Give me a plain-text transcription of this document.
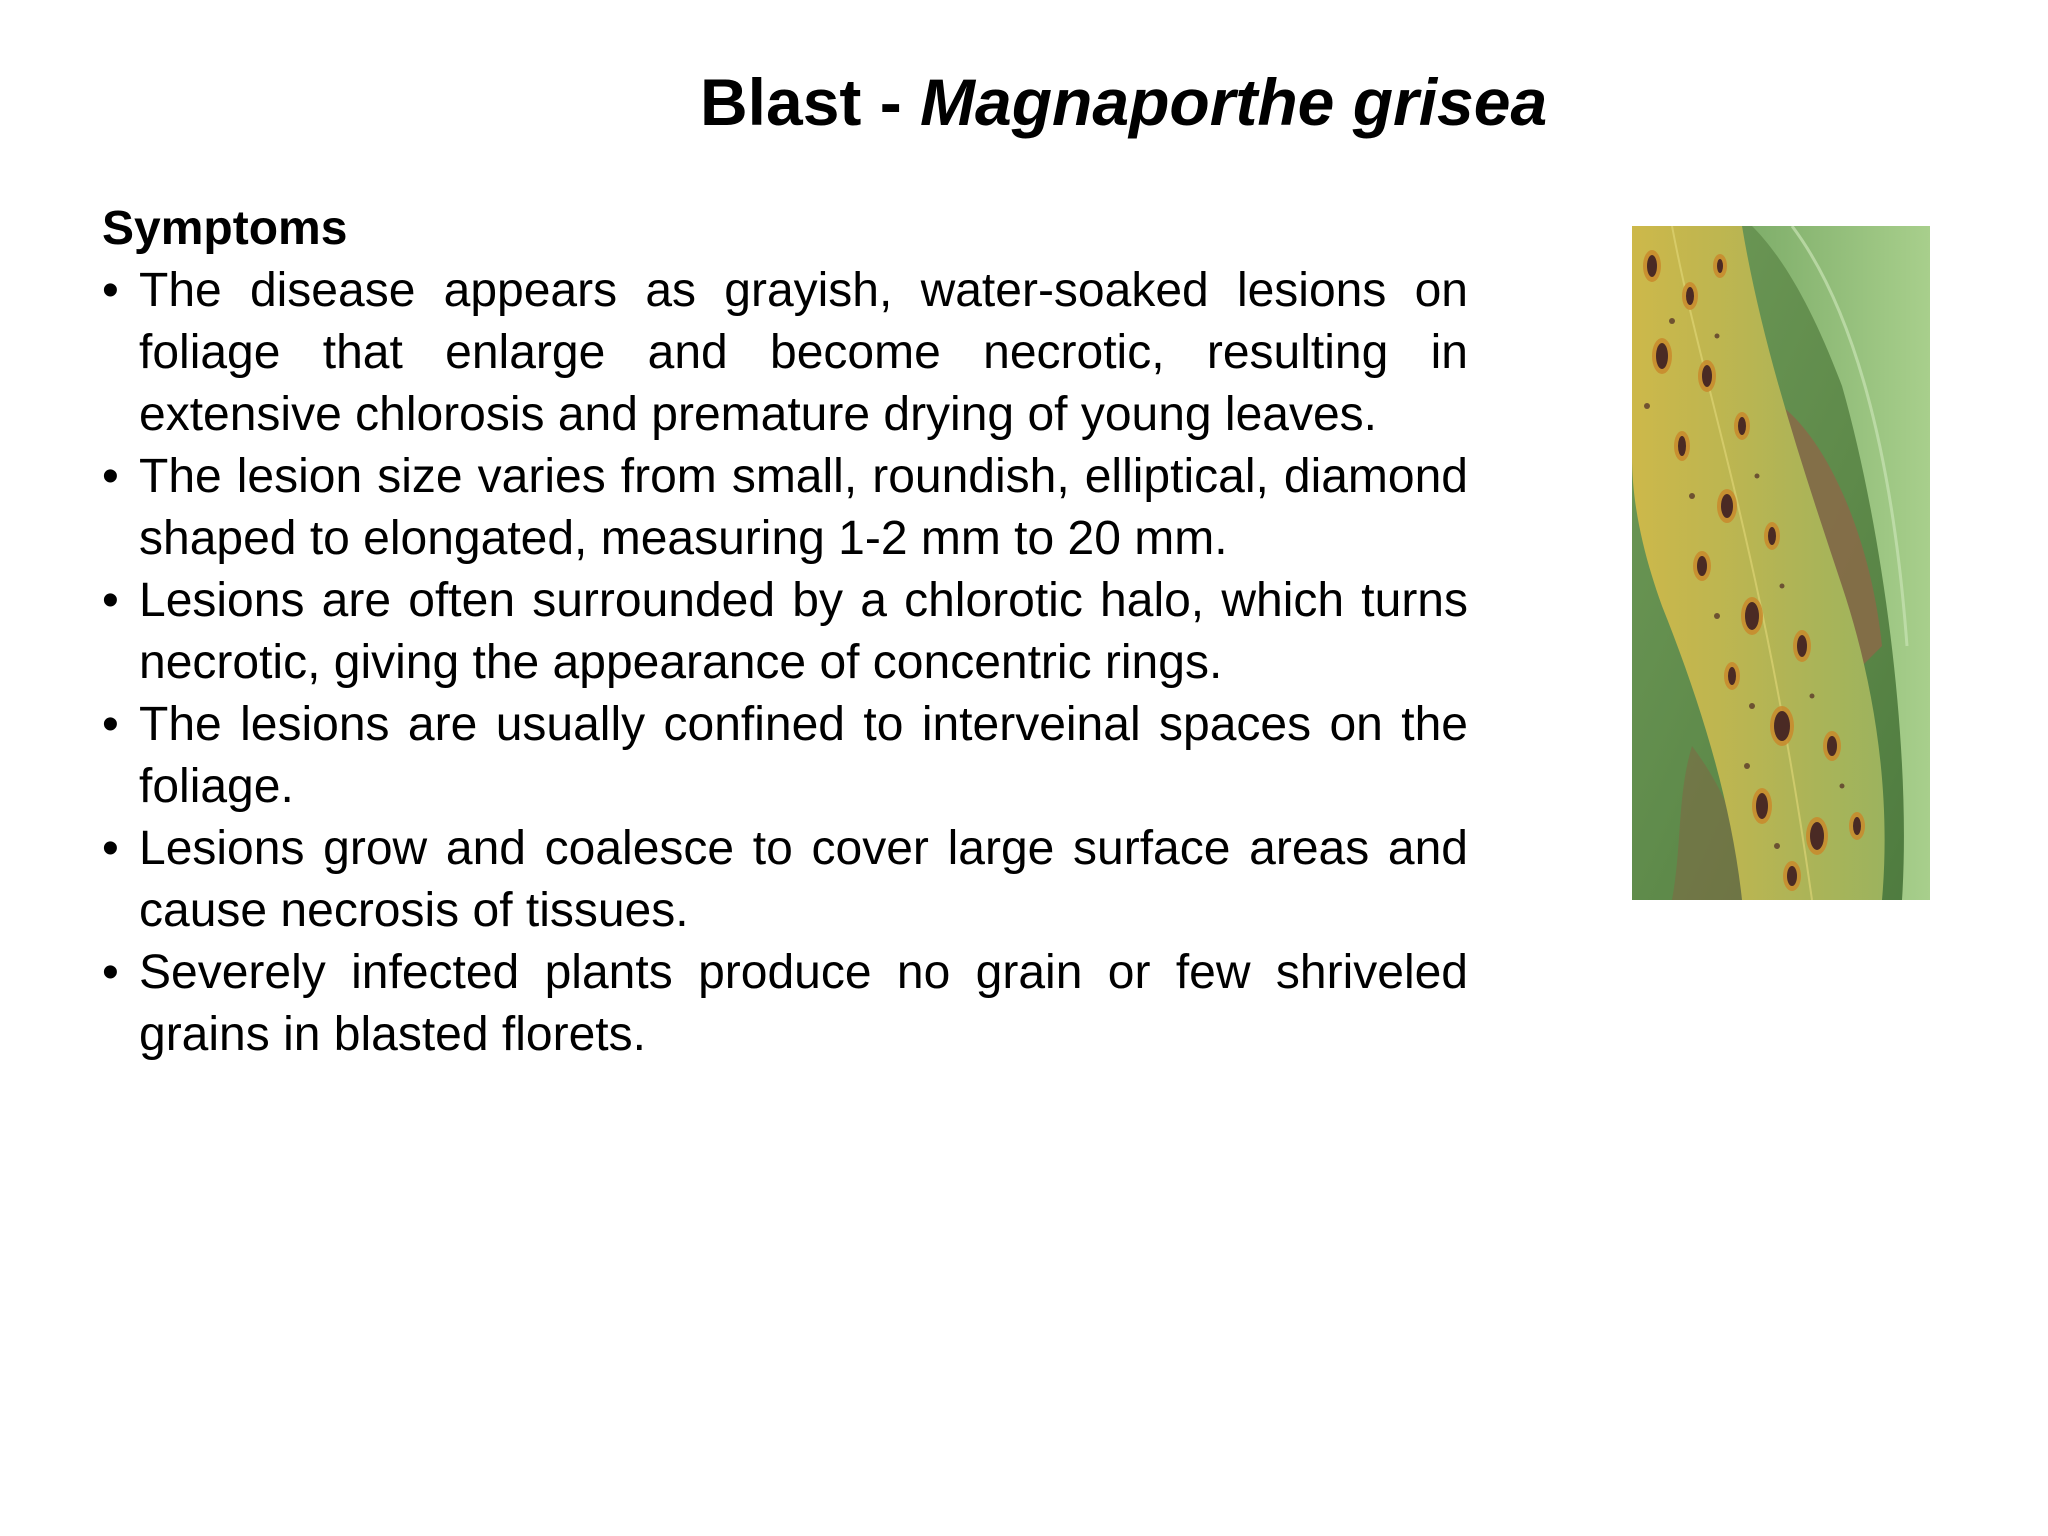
Blast - Magnaporthe grisea

Symptoms

• The disease appears as grayish, water-soaked lesions on foliage that enlarge and become necrotic, resulting in extensive chlorosis and premature drying of young leaves.
• The lesion size varies from small, roundish, elliptical, diamond shaped to elongated, measuring 1-2 mm to 20 mm.
• Lesions are often surrounded by a chlorotic halo, which turns necrotic, giving the appearance of concentric rings.
• The lesions are usually confined to interveinal spaces on the foliage.
• Lesions grow and coalesce to cover large surface areas and cause necrosis of tissues.
• Severely infected plants produce no grain or few shriveled grains in blasted florets.
